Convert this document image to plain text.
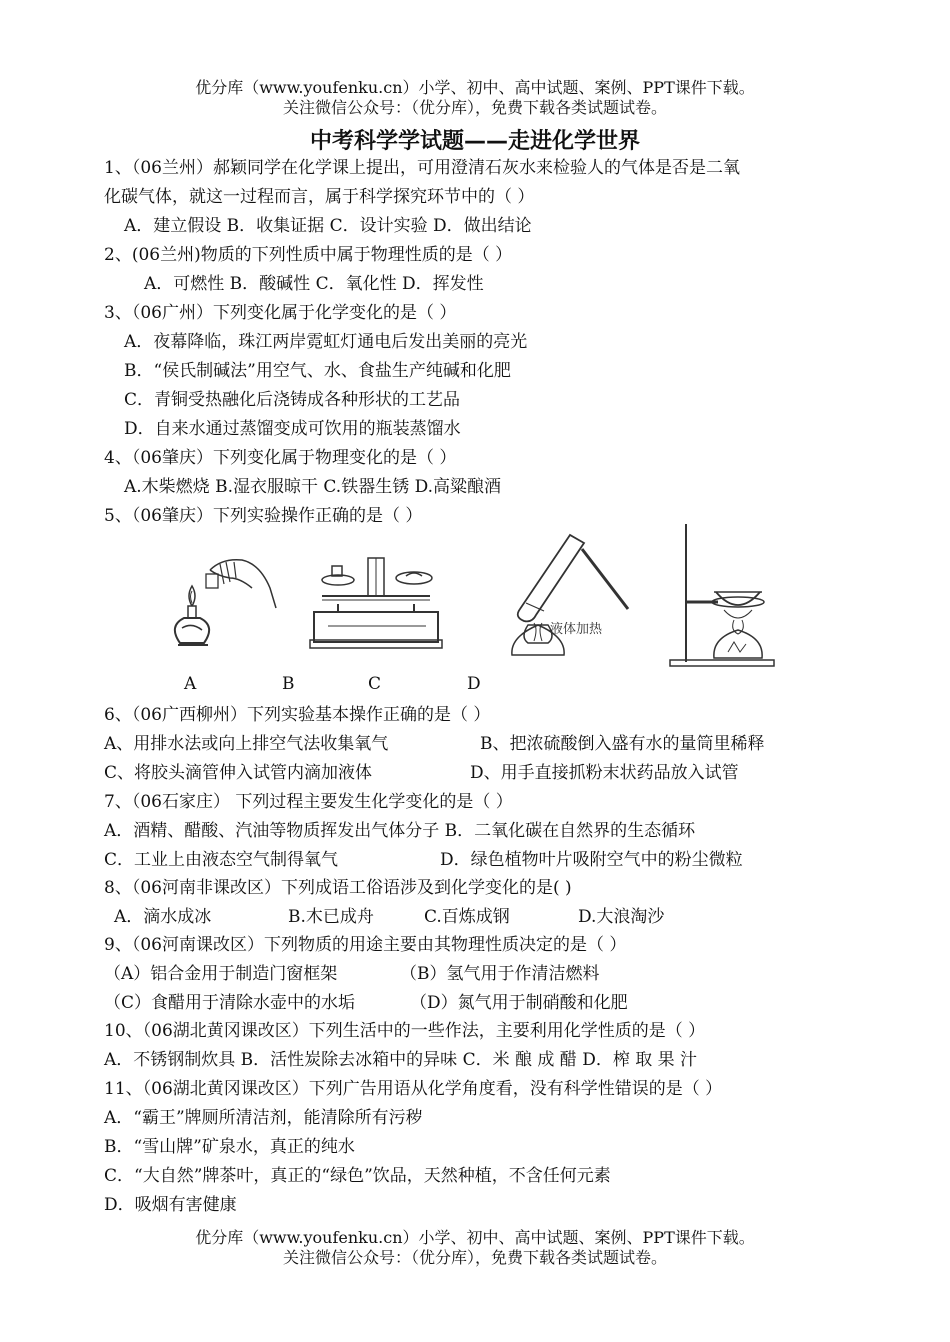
优分库（www.youfenku.cn）小学、初中、高中试题、案例、PPT课件下载。
关注微信公众号：（优分库），免费下载各类试题试卷。
中考科学学试题——走进化学世界
1、（06兰州）郝颖同学在化学课上提出，可用澄清石灰水来检验人的气体是否是二氧
化碳气体，就这一过程而言，属于科学探究环节中的（ ）
A．建立假设 B．收集证据 C．设计实验 D．做出结论
2、(06兰州)物质的下列性质中属于物理性质的是（ ）
A．可燃性 B．酸碱性 C．氧化性 D．挥发性
3、（06广州）下列变化属于化学变化的是（ ）
A．夜幕降临，珠江两岸霓虹灯通电后发出美丽的亮光
B．“侯氏制碱法”用空气、水、食盐生产纯碱和化肥
C．青铜受热融化后浇铸成各种形状的工艺品
D．自来水通过蒸馏变成可饮用的瓶装蒸馏水
4、（06肇庆）下列变化属于物理变化的是（ ）
A.木柴燃烧 B.湿衣服晾干 C.铁器生锈 D.高粱酿酒
5、（06肇庆）下列实验操作正确的是（ ）
液体加热
A	B	C	D
6、（06广西柳州）下列实验基本操作正确的是（ ）
A、用排水法或向上排空气法收集氧气	B、把浓硫酸倒入盛有水的量筒里稀释
C、将胶头滴管伸入试管内滴加液体	D、用手直接抓粉末状药品放入试管
7、（06石家庄） 下列过程主要发生化学变化的是（ ）
A．酒精、醋酸、汽油等物质挥发出气体分子 B．二氧化碳在自然界的生态循环
C．工业上由液态空气制得氧气	D．绿色植物叶片吸附空气中的粉尘微粒
8、（06河南非课改区）下列成语工俗语涉及到化学变化的是( )
A．滴水成冰	B.木已成舟	C.百炼成钢	D.大浪淘沙
9、（06河南课改区）下列物质的用途主要由其物理性质决定的是（ ）
（A）铝合金用于制造门窗框架	（B）氢气用于作清洁燃料
（C）食醋用于清除水壶中的水垢	（D）氮气用于制硝酸和化肥
10、（06湖北黄冈课改区）下列生活中的一些作法，主要利用化学性质的是（ ）
A．不锈钢制炊具 B．活性炭除去冰箱中的异味 C．米 酿 成 醋 D．榨 取 果 汁
11、（06湖北黄冈课改区）下列广告用语从化学角度看，没有科学性错误的是（ ）
A．“霸王”牌厕所清洁剂，能清除所有污秽
B．“雪山牌”矿泉水，真正的纯水
C．“大自然”牌茶叶，真正的“绿色”饮品，天然种植，不含任何元素
D．吸烟有害健康
优分库（www.youfenku.cn）小学、初中、高中试题、案例、PPT课件下载。
关注微信公众号：（优分库），免费下载各类试题试卷。
